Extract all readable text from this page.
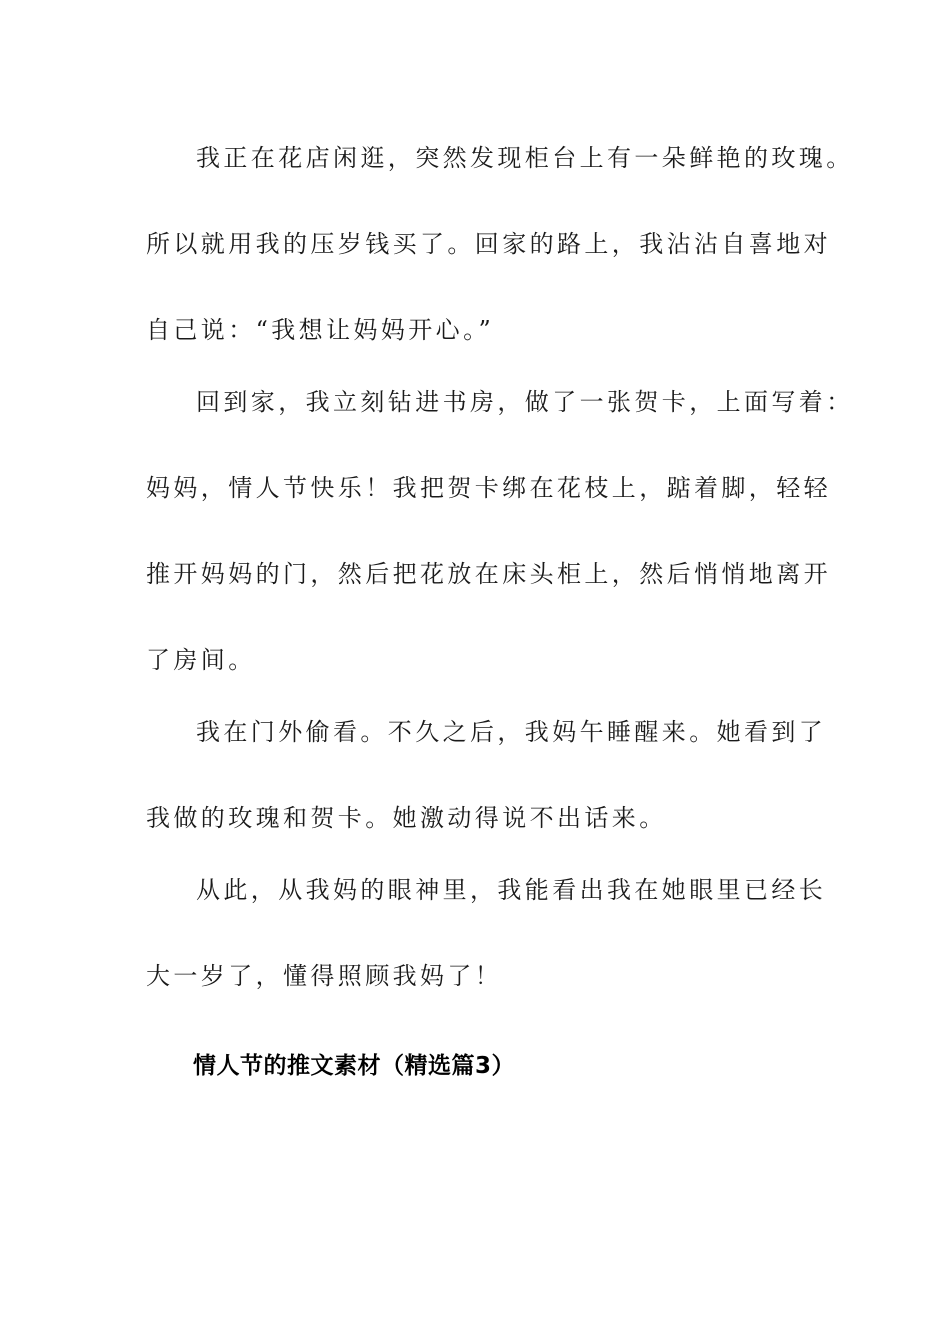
我正在花店闲逛，突然发现柜台上有一朵鲜艳的玫瑰。
所以就用我的压岁钱买了。回家的路上，我沾沾自喜地对
自己说：“我想让妈妈开心。”
回到家，我立刻钻进书房，做了一张贺卡，上面写着：
妈妈，情人节快乐！我把贺卡绑在花枝上，踮着脚，轻轻
推开妈妈的门，然后把花放在床头柜上，然后悄悄地离开
了房间。
我在门外偷看。不久之后，我妈午睡醒来。她看到了
我做的玫瑰和贺卡。她激动得说不出话来。
从此，从我妈的眼神里，我能看出我在她眼里已经长
大一岁了，懂得照顾我妈了！
情人节的推文素材（精选篇3）
